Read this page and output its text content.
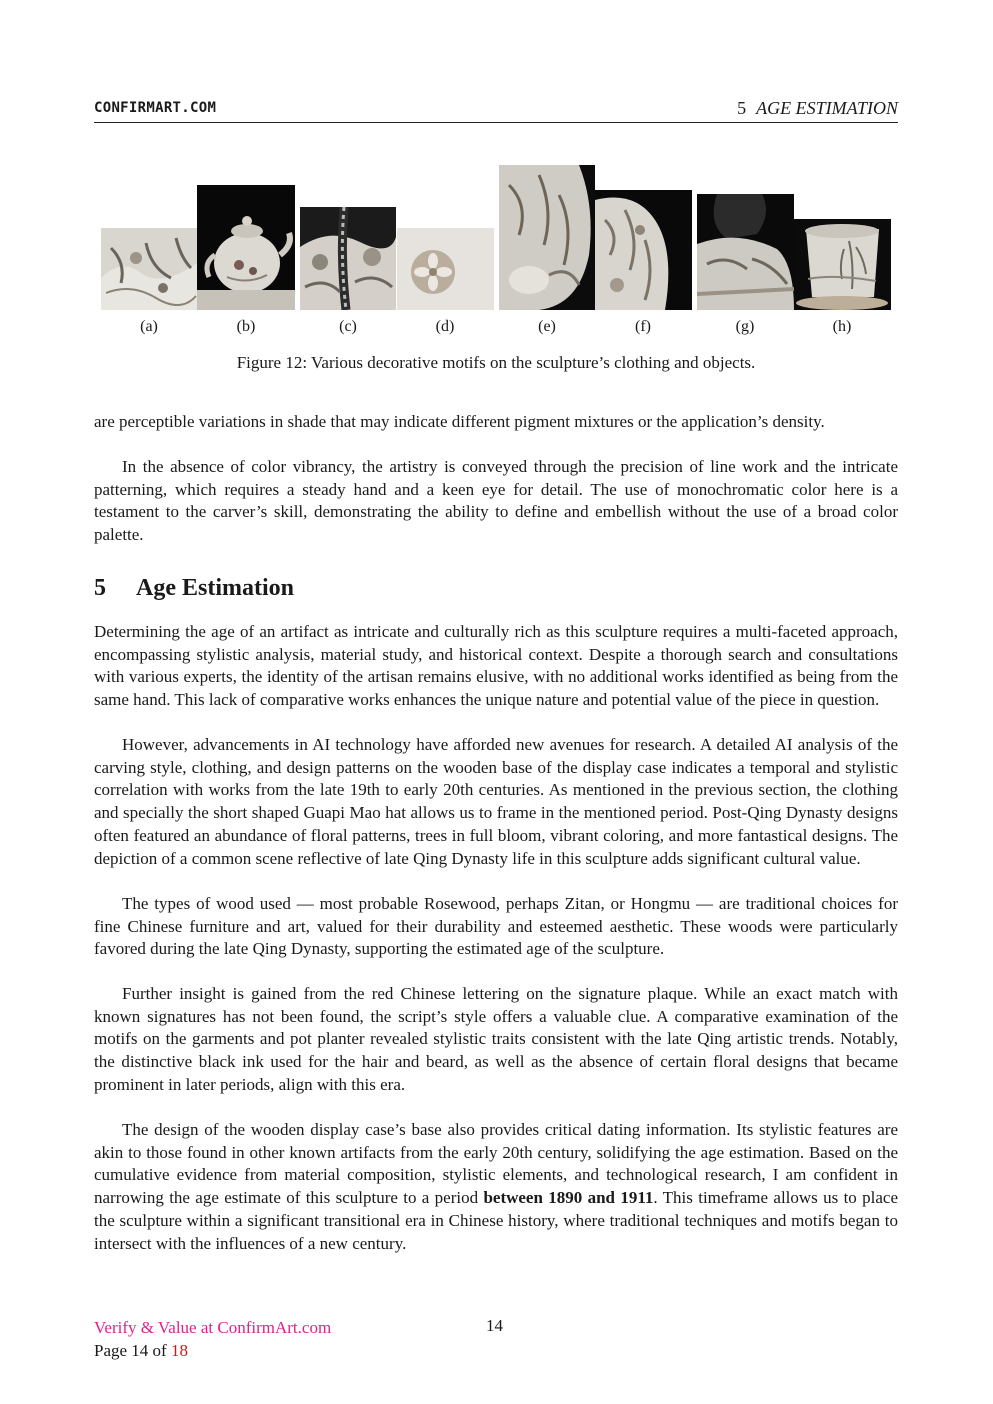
CONFIRMART.COM	5 AGE ESTIMATION
(a)	(b)	(c)	(d)	(e)	(f)	(g)	(h)
Figure 12: Various decorative motifs on the sculpture’s clothing and objects.

are perceptible variations in shade that may indicate different pigment mixtures or the application’s density.

In the absence of color vibrancy, the artistry is conveyed through the precision of line work and the intricate patterning, which requires a steady hand and a keen eye for detail. The use of monochromatic color here is a testament to the carver’s skill, demonstrating the ability to define and embellish without the use of a broad color palette.

5 Age Estimation

Determining the age of an artifact as intricate and culturally rich as this sculpture requires a multi-faceted approach, encompassing stylistic analysis, material study, and historical context. Despite a thorough search and consultations with various experts, the identity of the artisan remains elusive, with no additional works identified as being from the same hand. This lack of comparative works enhances the unique nature and potential value of the piece in question.

However, advancements in AI technology have afforded new avenues for research. A detailed AI analysis of the carving style, clothing, and design patterns on the wooden base of the display case indicates a temporal and stylistic correlation with works from the late 19th to early 20th centuries. As mentioned in the previous section, the clothing and specially the short shaped Guapi Mao hat allows us to frame in the mentioned period. Post-Qing Dynasty designs often featured an abundance of floral patterns, trees in full bloom, vibrant coloring, and more fantastical designs. The depiction of a common scene reflective of late Qing Dynasty life in this sculpture adds significant cultural value.

The types of wood used — most probable Rosewood, perhaps Zitan, or Hongmu — are traditional choices for fine Chinese furniture and art, valued for their durability and esteemed aesthetic. These woods were particularly favored during the late Qing Dynasty, supporting the estimated age of the sculpture.

Further insight is gained from the red Chinese lettering on the signature plaque. While an exact match with known signatures has not been found, the script’s style offers a valuable clue. A comparative examination of the motifs on the garments and pot planter revealed stylistic traits consistent with the late Qing artistic trends. Notably, the distinctive black ink used for the hair and beard, as well as the absence of certain floral designs that became prominent in later periods, align with this era.

The design of the wooden display case’s base also provides critical dating information. Its stylistic features are akin to those found in other known artifacts from the early 20th century, solidifying the age estimation. Based on the cumulative evidence from material composition, stylistic elements, and technological research, I am confident in narrowing the age estimate of this sculpture to a period between 1890 and 1911. This timeframe allows us to place the sculpture within a significant transitional era in Chinese history, where traditional techniques and motifs began to intersect with the influences of a new century.

Verify & Value at ConfirmArt.com
Page 14 of 18
14
